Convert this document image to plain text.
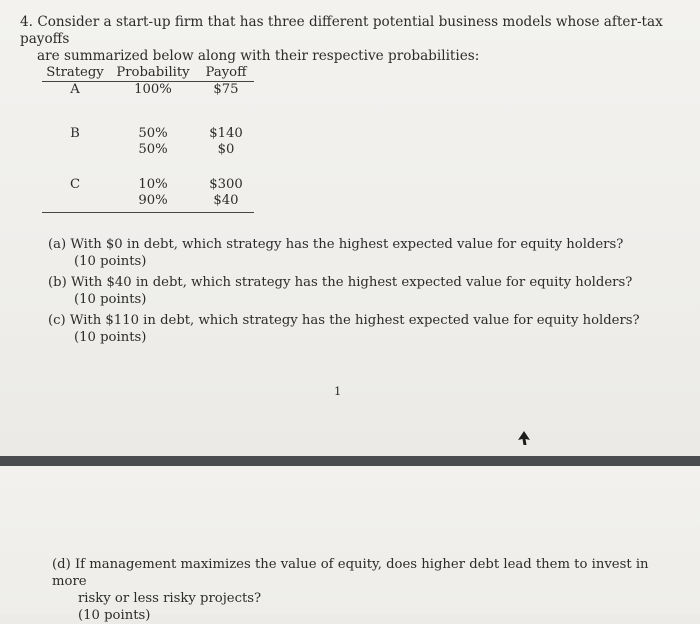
4. Consider a start-up firm that has three different potential business models whose after-tax payoffs
are summarized below along with their respective probabilities:

Strategy	Probability	Payoff
A	100%	$75
B	50%	$140
	50%	$0
C	10%	$300
	90%	$40

(a) With $0 in debt, which strategy has the highest expected value for equity holders?
(10 points)

(b) With $40 in debt, which strategy has the highest expected value for equity holders?
(10 points)

(c) With $110 in debt, which strategy has the highest expected value for equity holders?
(10 points)

1
(d) If management maximizes the value of equity, does higher debt lead them to invest in more
risky or less risky projects?
(10 points)
